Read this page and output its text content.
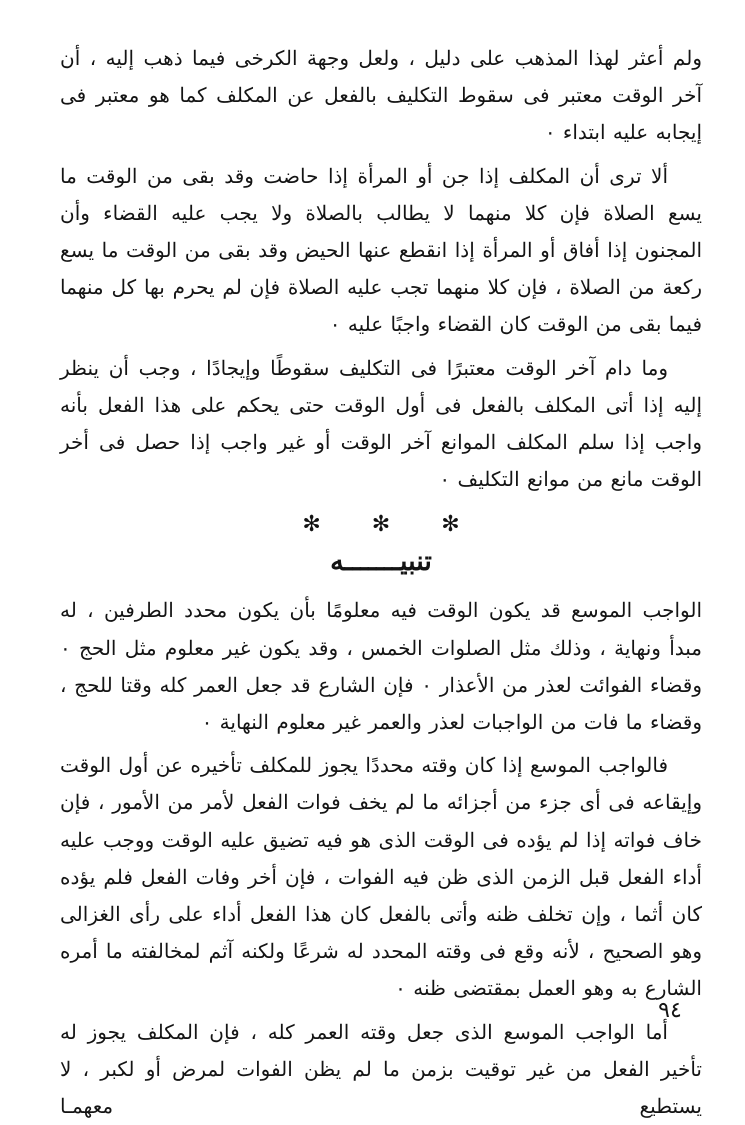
ولم أعثر لهذا المذهب على دليل ، ولعل وجهة الكرخى فيما ذهب إليه ، أن آخر الوقت معتبر فى سقوط التكليف بالفعل عن المكلف كما هو معتبر فى إيجابه عليه ابتداء ٠

ألا ترى أن المكلف إذا جن أو المرأة إذا حاضت وقد بقى من الوقت ما يسع الصلاة فإن كلا منهما لا يطالب بالصلاة ولا يجب عليه القضاء وأن المجنون إذا أفاق أو المرأة إذا انقطع عنها الحيض وقد بقى من الوقت ما يسع ركعة من الصلاة ، فإن كلا منهما تجب عليه الصلاة فإن لم يحرم بها كل منهما فيما بقى من الوقت كان القضاء واجبًا عليه ٠

وما دام آخر الوقت معتبرًا فى التكليف سقوطًا وإيجادًا ، وجب أن ينظر إليه إذا أتى المكلف بالفعل فى أول الوقت حتى يحكم على هذا الفعل بأنه واجب إذا سلم المكلف الموانع آخر الوقت أو غير واجب إذا حصل فى أخر الوقت مانع من موانع التكليف ٠

✻ ✻ ✻
تنبيـــــــه

الواجب الموسع قد يكون الوقت فيه معلومًا بأن يكون محدد الطرفين ، له مبدأ ونهاية ، وذلك مثل الصلوات الخمس ، وقد يكون غير معلوم مثل الحج ٠ وقضاء الفوائت لعذر من الأعذار ٠ فإن الشارع قد جعل العمر كله وقتا للحج ، وقضاء ما فات من الواجبات لعذر والعمر غير معلوم النهاية ٠

فالواجب الموسع إذا كان وقته محددًا يجوز للمكلف تأخيره عن أول الوقت وإيقاعه فى أى جزء من أجزائه ما لم يخف فوات الفعل لأمر من الأمور ، فإن خاف فواته إذا لم يؤده فى الوقت الذى هو فيه تضيق عليه الوقت ووجب عليه أداء الفعل قبل الزمن الذى ظن فيه الفوات ، فإن أخر وفات الفعل فلم يؤده كان أثما ، وإن تخلف ظنه وأتى بالفعل كان هذا الفعل أداء على رأى الغزالى وهو الصحيح ، لأنه وقع فى وقته المحدد له شرعًا ولكنه آثم لمخالفته ما أمره الشارع به وهو العمل بمقتضى ظنه ٠

أما الواجب الموسع الذى جعل وقته العمر كله ، فإن المكلف يجوز له تأخير الفعل من غير توقيت بزمن ما لم يظن الفوات لمرض أو لكبر ، لا يستطيع معهمـا

٩٤
